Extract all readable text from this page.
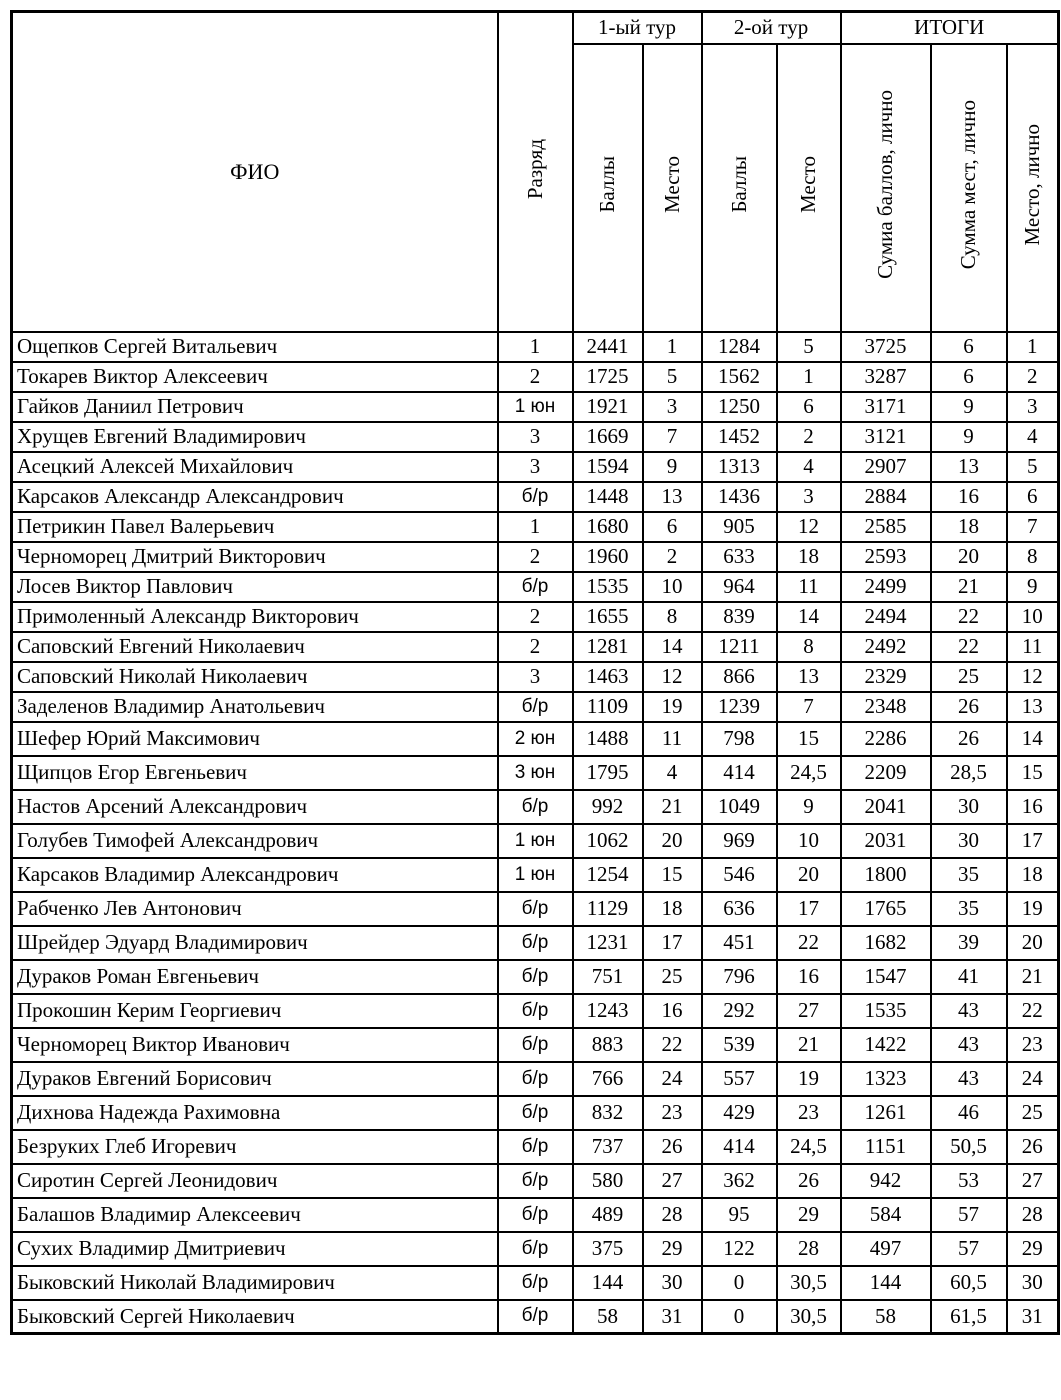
ФИО	Разряд	1-ый тур		2-ой тур		ИТОГИ		
		Баллы	Место	Баллы	Место	Сумиа баллов, лично	Сумма мест, лично	Место, лично
Ощепков Сергей Витальевич	1	2441	1	1284	5	3725	6	1
Токарев Виктор Алексеевич	2	1725	5	1562	1	3287	6	2
Гайков Даниил Петрович	1 юн	1921	3	1250	6	3171	9	3
Хрущев Евгений Владимирович	3	1669	7	1452	2	3121	9	4
Асецкий Алексей Михайлович	3	1594	9	1313	4	2907	13	5
Карсаков Александр Александрович	б/р	1448	13	1436	3	2884	16	6
Петрикин Павел Валерьевич	1	1680	6	905	12	2585	18	7
Черноморец Дмитрий Викторович	2	1960	2	633	18	2593	20	8
Лосев Виктор Павлович	б/р	1535	10	964	11	2499	21	9
Примоленный Александр Викторович	2	1655	8	839	14	2494	22	10
Саповский Евгений Николаевич	2	1281	14	1211	8	2492	22	11
Саповский Николай Николаевич	3	1463	12	866	13	2329	25	12
Заделенов Владимир Анатольевич	б/р	1109	19	1239	7	2348	26	13
Шефер Юрий Максимович	2 юн	1488	11	798	15	2286	26	14
Щипцов Егор Евгеньевич	3 юн	1795	4	414	24,5	2209	28,5	15
Настов Арсений Александрович	б/р	992	21	1049	9	2041	30	16
Голубев Тимофей Александрович	1 юн	1062	20	969	10	2031	30	17
Карсаков Владимир Александрович	1 юн	1254	15	546	20	1800	35	18
Рабченко Лев Антонович	б/р	1129	18	636	17	1765	35	19
Шрейдер Эдуард Владимирович	б/р	1231	17	451	22	1682	39	20
Дураков Роман Евгеньевич	б/р	751	25	796	16	1547	41	21
Прокошин Керим Георгиевич	б/р	1243	16	292	27	1535	43	22
Черноморец Виктор Иванович	б/р	883	22	539	21	1422	43	23
Дураков Евгений Борисович	б/р	766	24	557	19	1323	43	24
Дихнова Надежда Рахимовна	б/р	832	23	429	23	1261	46	25
Безруких Глеб Игоревич	б/р	737	26	414	24,5	1151	50,5	26
Сиротин Сергей Леонидович	б/р	580	27	362	26	942	53	27
Балашов Владимир Алексеевич	б/р	489	28	95	29	584	57	28
Сухих Владимир Дмитриевич	б/р	375	29	122	28	497	57	29
Быковский Николай Владимирович	б/р	144	30	0	30,5	144	60,5	30
Быковский Сергей Николаевич	б/р	58	31	0	30,5	58	61,5	31
